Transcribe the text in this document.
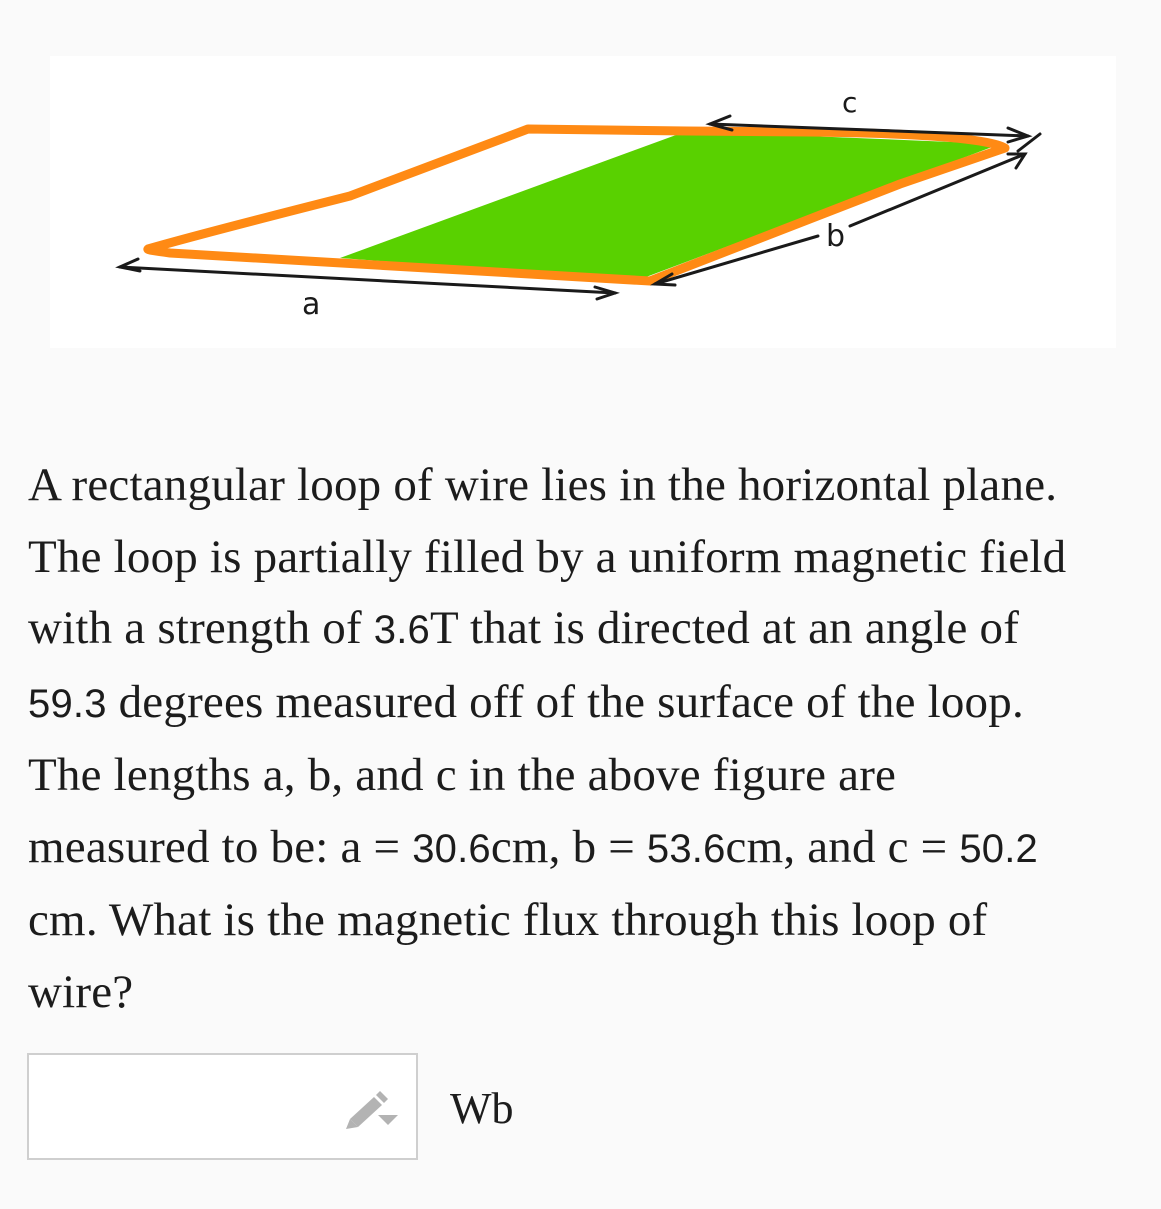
a
b
c

A rectangular loop of wire lies in the horizontal plane.
The loop is partially filled by a uniform magnetic field
with a strength of 3.6T that is directed at an angle of
59.3 degrees measured off of the surface of the loop.
The lengths a, b, and c in the above figure are
measured to be: a = 30.6cm, b = 53.6cm, and c = 50.2
cm. What is the magnetic flux through this loop of
wire?

Wb
